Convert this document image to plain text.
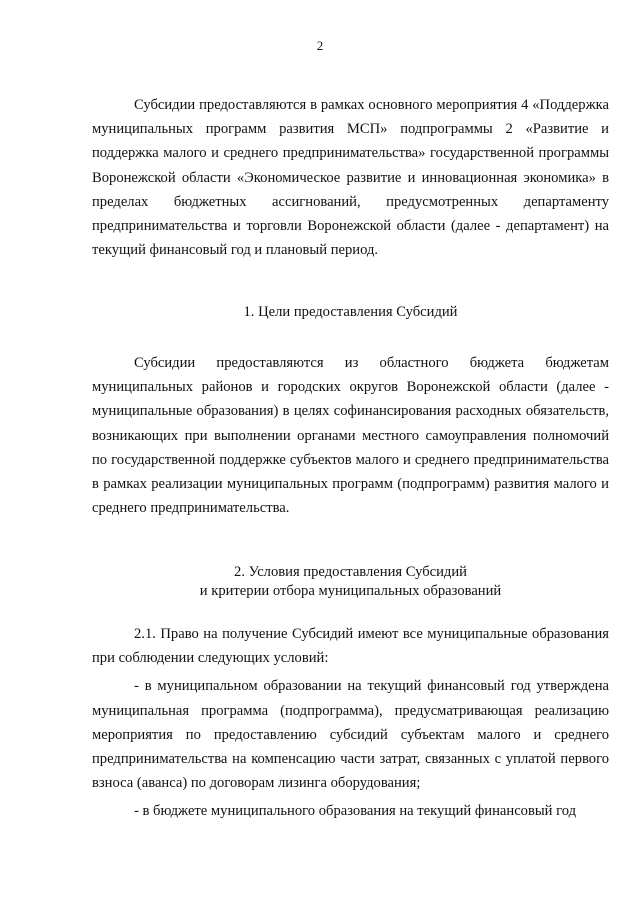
2

Субсидии предоставляются в рамках основного мероприятия 4 «Поддержка муниципальных программ развития МСП» подпрограммы 2 «Развитие и поддержка малого и среднего предпринимательства» государственной программы Воронежской области «Экономическое развитие и инновационная экономика» в пределах бюджетных ассигнований, предусмотренных департаменту предпринимательства и торговли Воронежской области (далее - департамент) на текущий финансовый год и плановый период.

1. Цели предоставления Субсидий

Субсидии предоставляются из областного бюджета бюджетам муниципальных районов и городских округов Воронежской области (далее - муниципальные образования) в целях софинансирования расходных обязательств, возникающих при выполнении органами местного самоуправления полномочий по государственной поддержке субъектов малого и среднего предпринимательства в рамках реализации муниципальных программ (подпрограмм) развития малого и среднего предпринимательства.

2. Условия предоставления Субсидий

и критерии отбора муниципальных образований

2.1. Право на получение Субсидий имеют все муниципальные образования при соблюдении следующих условий:

- в муниципальном образовании на текущий финансовый год утверждена муниципальная программа (подпрограмма), предусматривающая реализацию мероприятия по предоставлению субсидий субъектам малого и среднего предпринимательства на компенсацию части затрат, связанных с уплатой первого взноса (аванса) по договорам лизинга оборудования;

- в бюджете муниципального образования на текущий финансовый год
